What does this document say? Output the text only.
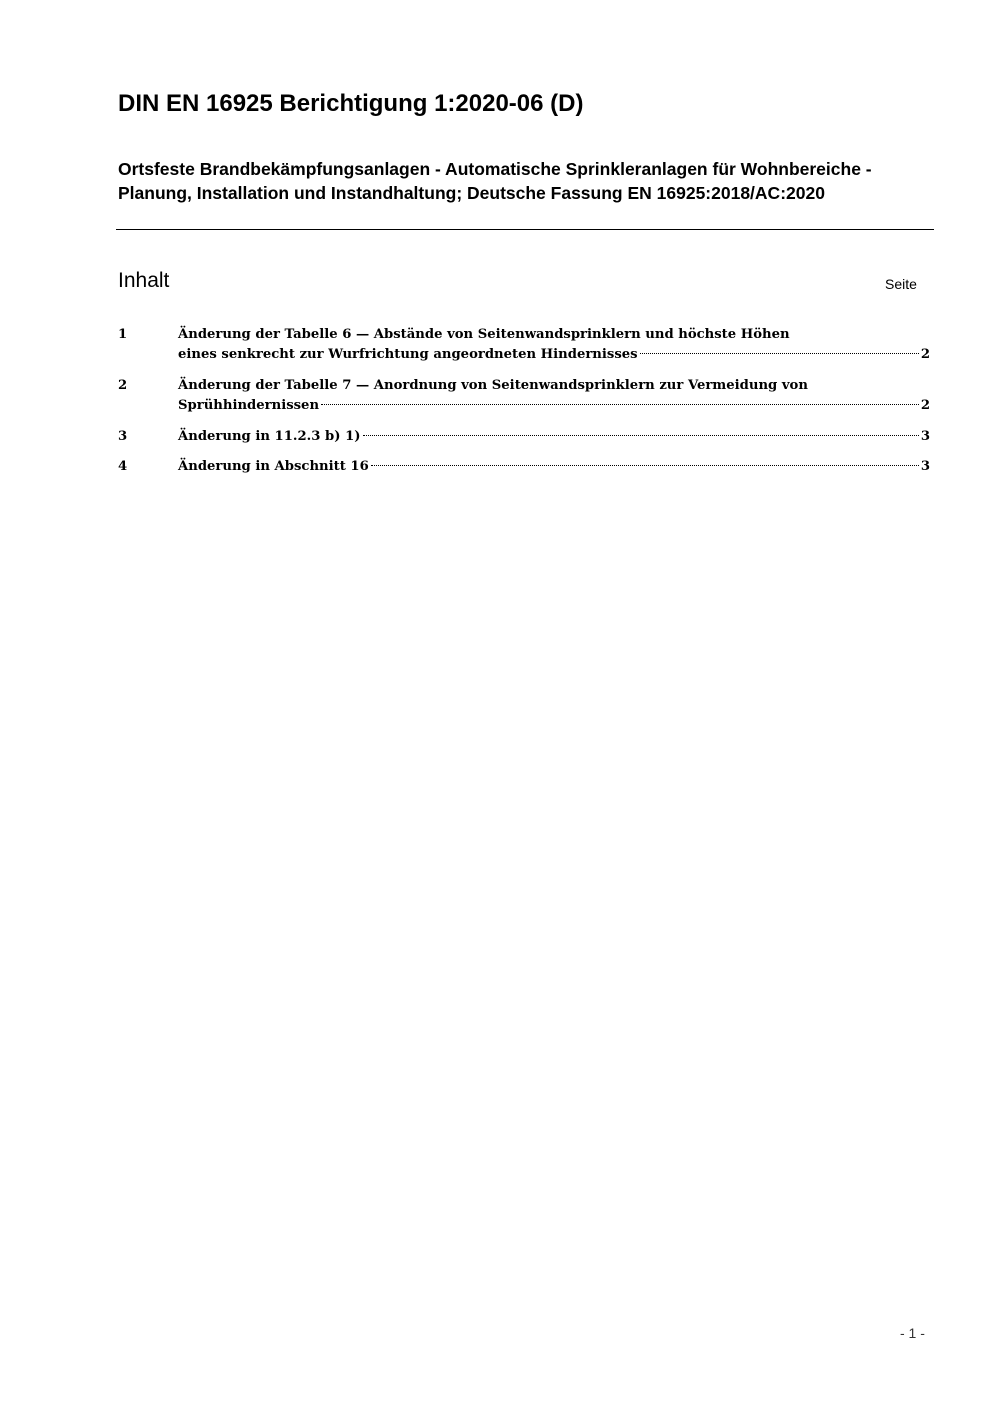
DIN EN 16925 Berichtigung 1:2020-06 (D)
Ortsfeste Brandbekämpfungsanlagen - Automatische Sprinkleranlagen für Wohnbereiche - Planung, Installation und Instandhaltung; Deutsche Fassung EN 16925:2018/AC:2020
Inhalt	Seite
1	Änderung der Tabelle 6 — Abstände von Seitenwandsprinklern und höchste Höhen
eines senkrecht zur Wurfrichtung angeordneten Hindernisses	2
2	Änderung der Tabelle 7 — Anordnung von Seitenwandsprinklern zur Vermeidung von
Sprühhindernissen	2
3	Änderung in 11.2.3 b) 1)	3
4	Änderung in Abschnitt 16	3
- 1 -
